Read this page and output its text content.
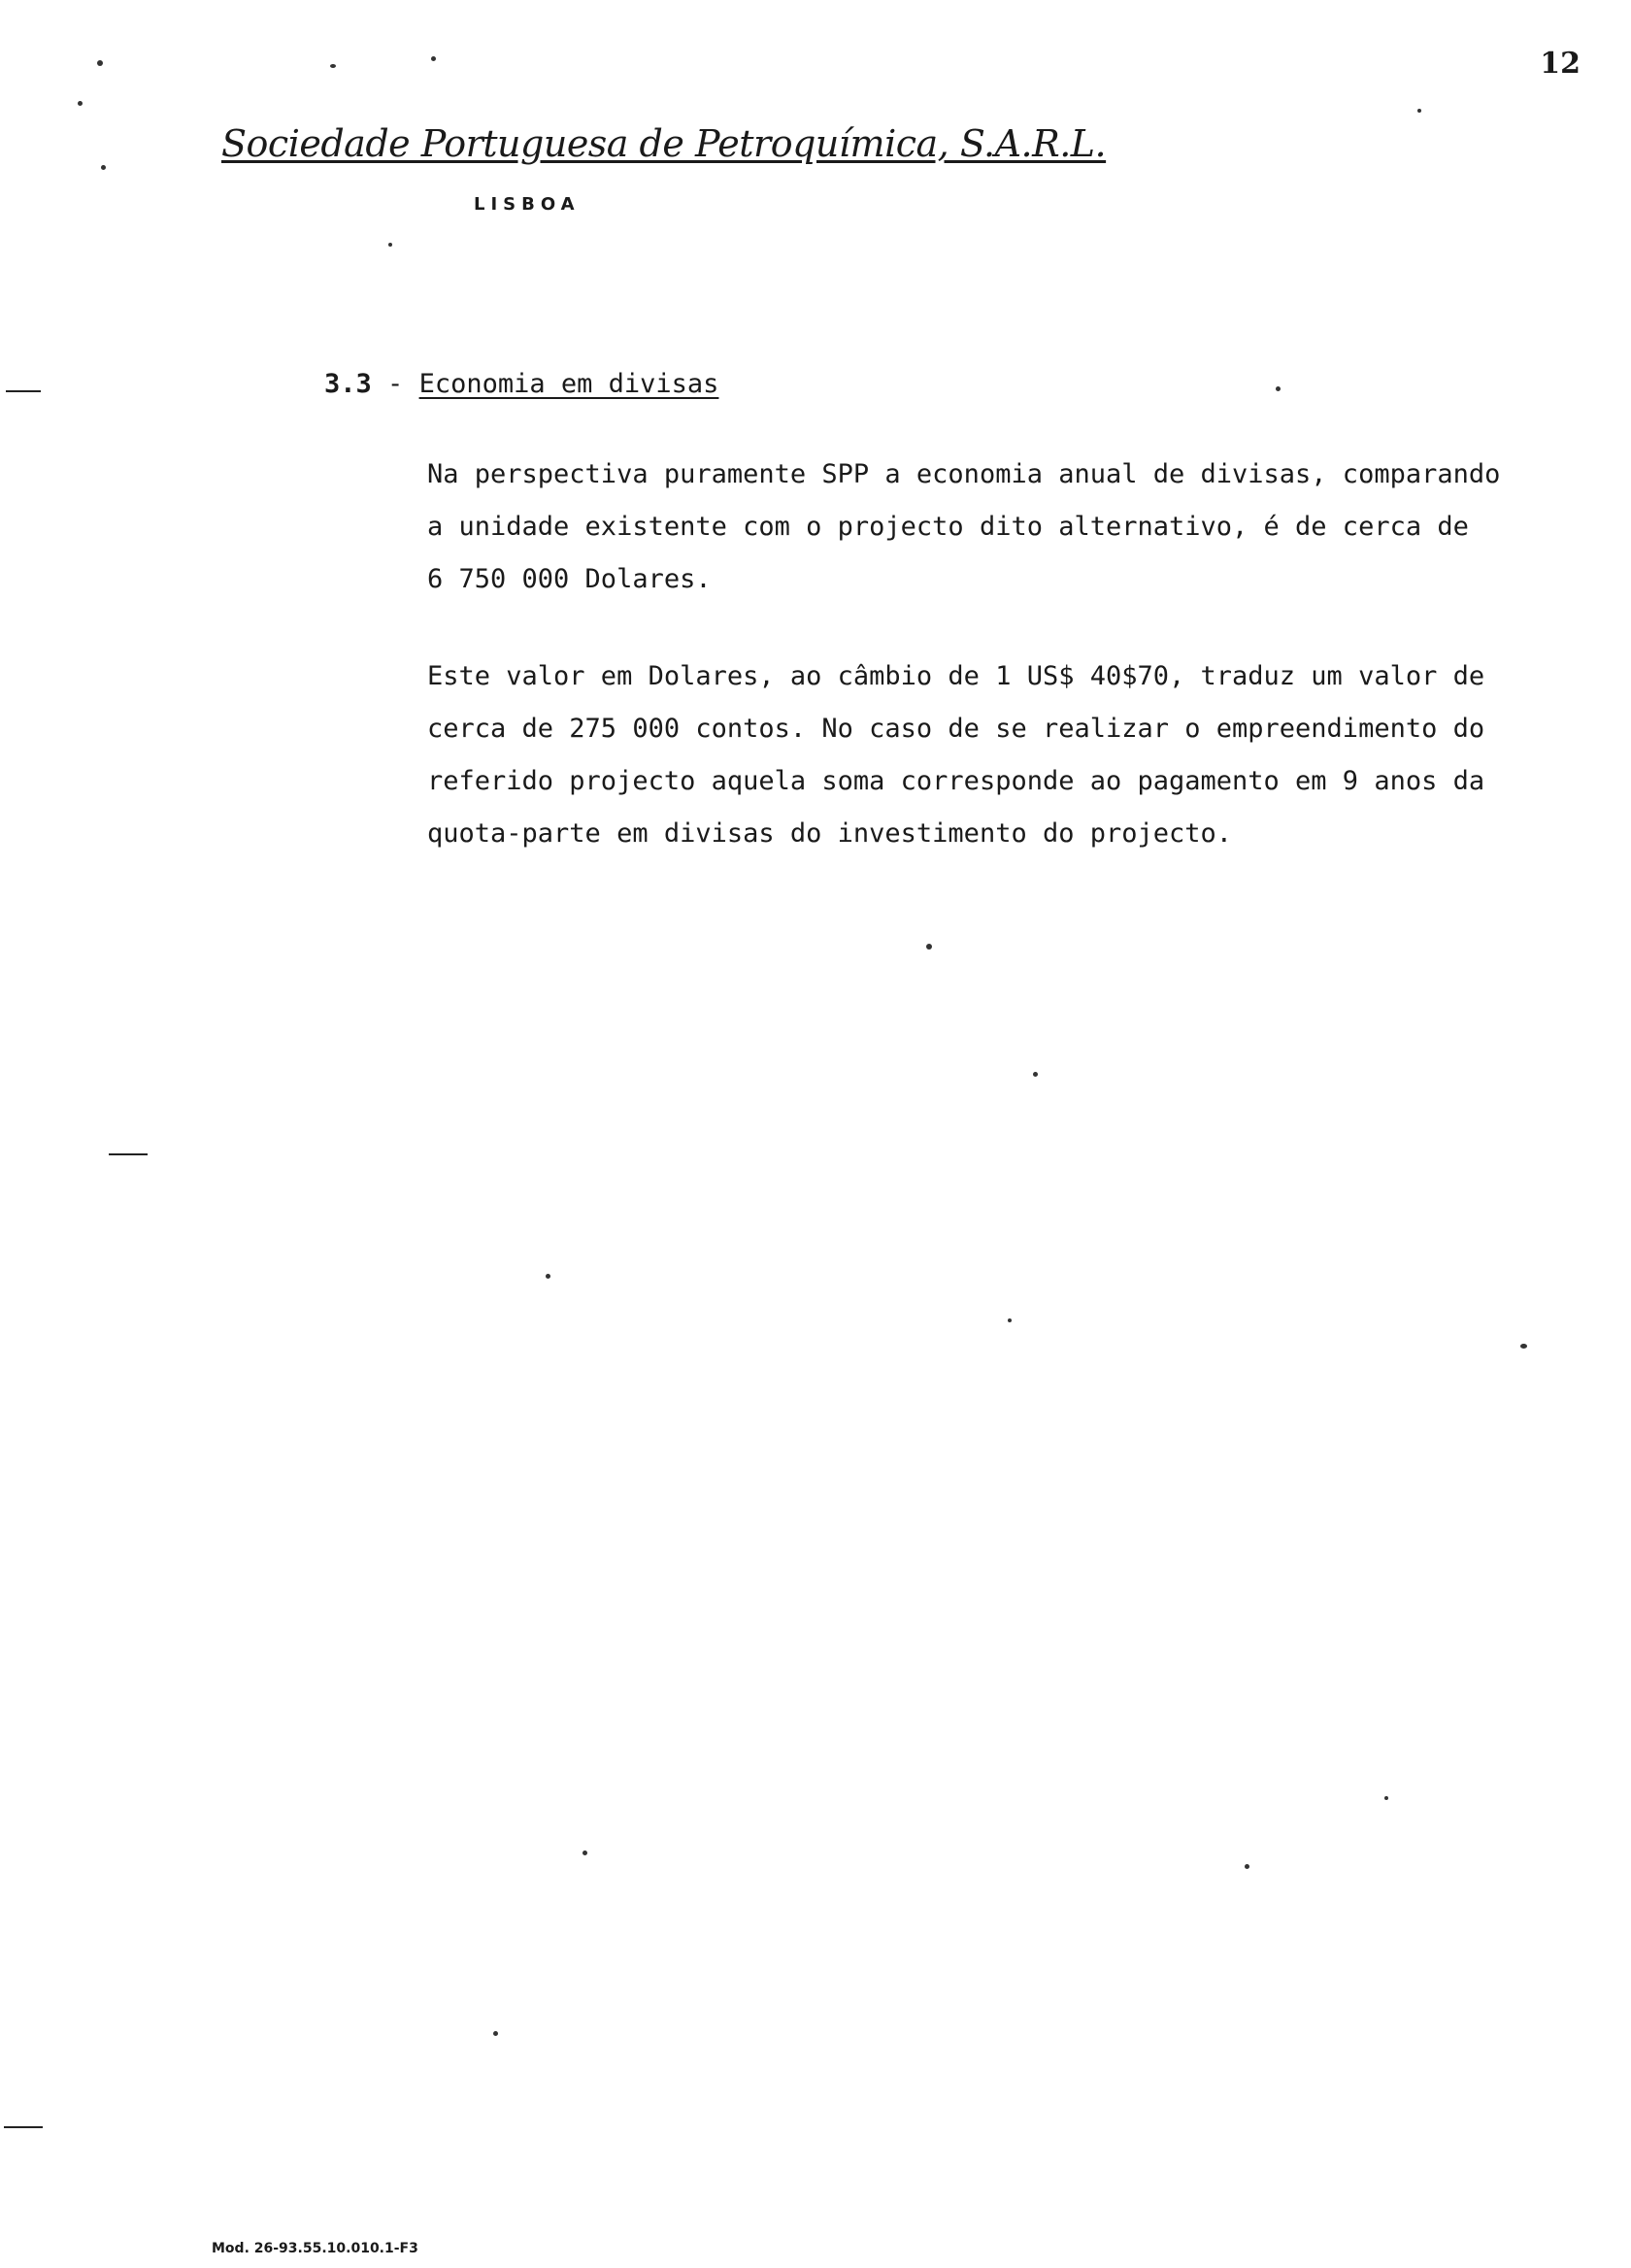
12
Sociedade Portuguesa de Petroquímica, S.A.R.L.
LISBOA
3.3 - Economia em divisas

Na perspectiva puramente SPP a economia anual de divisas, comparando
a unidade existente com o projecto dito alternativo, é de cerca de
6 750 000 Dolares.

Este valor em Dolares, ao câmbio de 1 US$ 40$70, traduz um valor de
cerca de 275 000 contos. No caso de se realizar o empreendimento do
referido projecto aquela soma corresponde ao pagamento em 9 anos da
quota-parte em divisas do investimento do projecto.

Mod. 26-93.55.10.010.1-F3
